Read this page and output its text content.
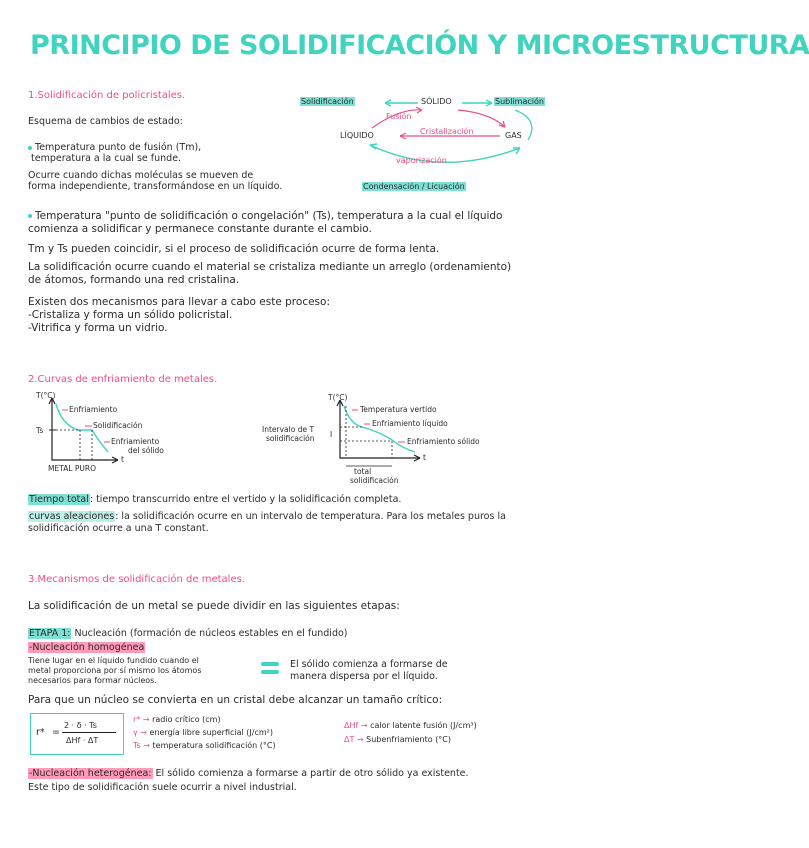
PRINCIPIO DE SOLIDIFICACIÓN Y MICROESTRUCTURA
1.Solidificación de policristales.
Esquema de cambios de estado:
Solidificación	SÓLIDO	Sublimación
Fusión
LÍQUIDO	Cristalización	GAS
vaporización
Condensación / Licuación
Temperatura punto de fusión (Tm),
temperatura a la cual se funde.
Ocurre cuando dichas moléculas se mueven de
forma independiente, transformándose en un líquido.
Temperatura "punto de solidificación o congelación" (Ts), temperatura a la cual el líquido
comienza a solidificar y permanece constante durante el cambio.
Tm y Ts pueden coincidir, si el proceso de solidificación ocurre de forma lenta.
La solidificación ocurre cuando el material se cristaliza mediante un arreglo (ordenamiento)
de átomos, formando una red cristalina.
Existen dos mecanismos para llevar a cabo este proceso:
-Cristaliza y forma un sólido policristal.
-Vitrifica y forma un vidrio.
2.Curvas de enfriamiento de metales.
T(°C)
Ts
Enfriamiento
Solidificación
Enfriamiento
del sólido
t
METAL PURO
T(°C)
Temperatura vertido
Enfriamiento líquido
Enfriamiento sólido
Intervalo de T
solidificación I
t
total
solidificación
Tiempo total: tiempo transcurrido entre el vertido y la solidificación completa.
curvas aleaciones: la solidificación ocurre en un intervalo de temperatura. Para los metales puros la
solidificación ocurre a una T constant.
3.Mecanismos de solidificación de metales.
La solidificación de un metal se puede dividir en las siguientes etapas:
ETAPA 1: Nucleación (formación de núcleos estables en el fundido)
-Nucleación homogénea
Tiene lugar en el líquido fundido cuando el
metal proporciona por sí mismo los átomos
necesarios para formar núcleos.
El sólido comienza a formarse de
manera dispersa por el líquido.
Para que un núcleo se convierta en un cristal debe alcanzar un tamaño crítico:
r* =
2 · δ · Ts
ΔHf · ΔT
r* → radio crítico (cm)
γ → energía libre superficial (J/cm²)
Ts → temperatura solidificación (°C)
ΔHf → calor latente fusión (J/cm³)
ΔT → Subenfriamiento (°C)
-Nucleación heterogénea: El sólido comienza a formarse a partir de otro sólido ya existente.
Este tipo de solidificación suele ocurrir a nivel industrial.
